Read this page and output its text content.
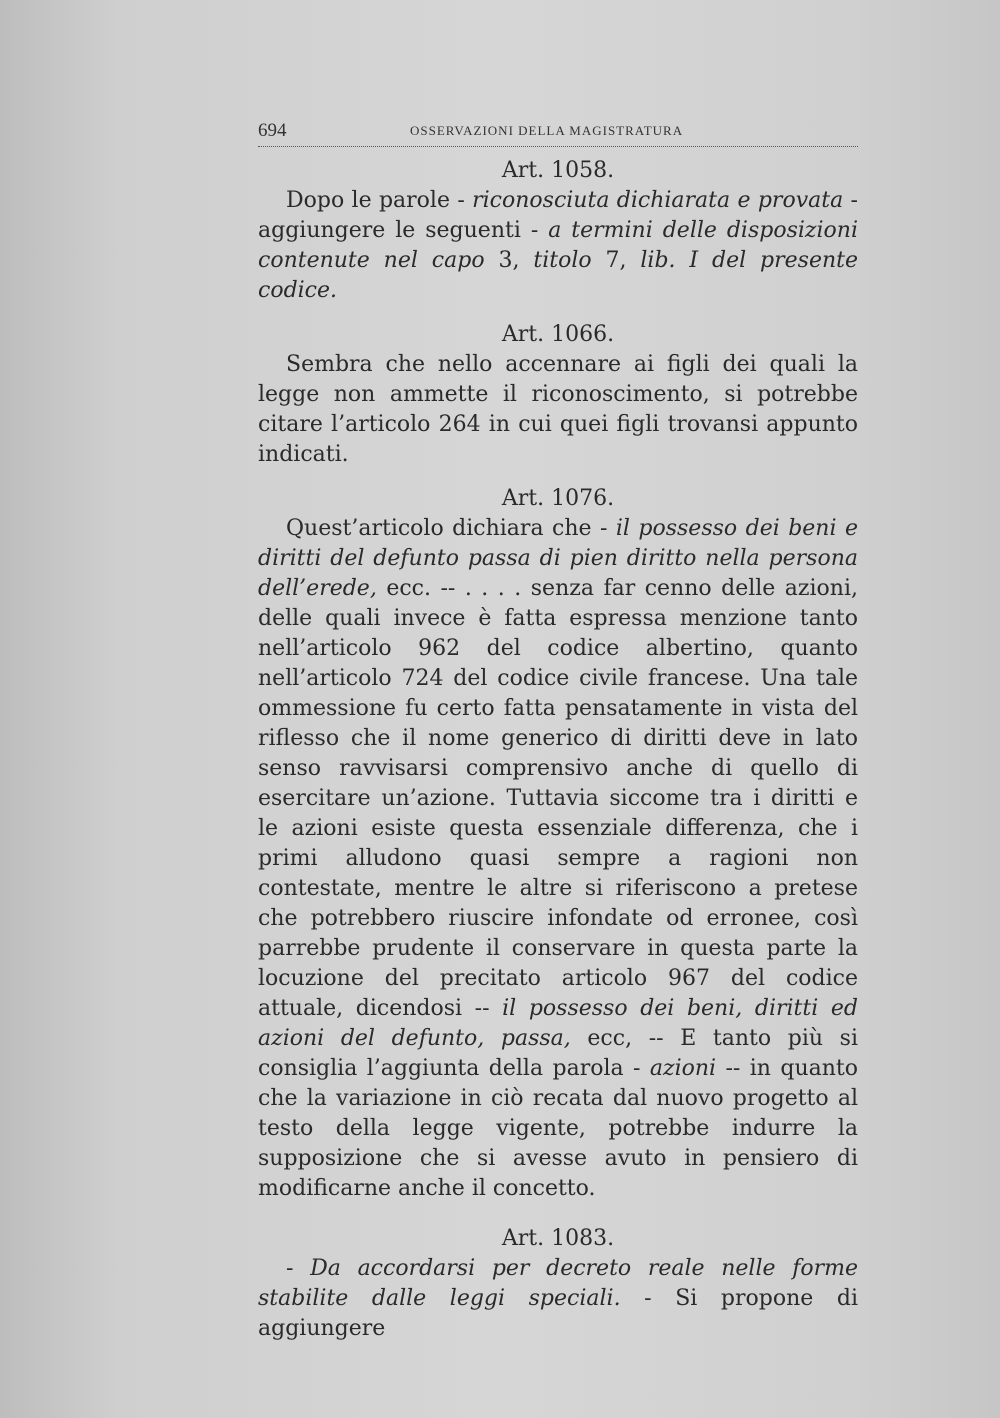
694	OSSERVAZIONI DELLA MAGISTRATURA
Art. 1058.

Dopo le parole - riconosciuta dichiarata e provata - aggiungere le seguenti - a termini delle disposizioni contenute nel capo 3, titolo 7, lib. I del presente codice.

Art. 1066.

Sembra che nello accennare ai figli dei quali la legge non ammette il riconoscimento, si potrebbe citare l’articolo 264 in cui quei figli trovansi appunto indicati.

Art. 1076.

Quest’articolo dichiara che - il possesso dei beni e diritti del defunto passa di pien diritto nella persona dell’erede, ecc. -- . . . . senza far cenno delle azioni, delle quali invece è fatta espressa menzione tanto nell’articolo 962 del codice albertino, quanto nell’articolo 724 del codice civile francese. Una tale ommessione fu certo fatta pensatamente in vista del riflesso che il nome generico di diritti deve in lato senso ravvisarsi comprensivo anche di quello di esercitare un’azione. Tuttavia siccome tra i diritti e le azioni esiste questa essenziale differenza, che i primi alludono quasi sempre a ragioni non contestate, mentre le altre si riferiscono a pretese che potrebbero riuscire infondate od erronee, così parrebbe prudente il conservare in questa parte la locuzione del precitato articolo 967 del codice attuale, dicendosi -- il possesso dei beni, diritti ed azioni del defunto, passa, ecc, -- E tanto più si consiglia l’aggiunta della parola - azioni -- in quanto che la variazione in ciò recata dal nuovo progetto al testo della legge vigente, potrebbe indurre la supposizione che si avesse avuto in pensiero di modificarne anche il concetto.

Art. 1083.

- Da accordarsi per decreto reale nelle forme stabilite dalle leggi speciali. - Si propone di aggiungere
